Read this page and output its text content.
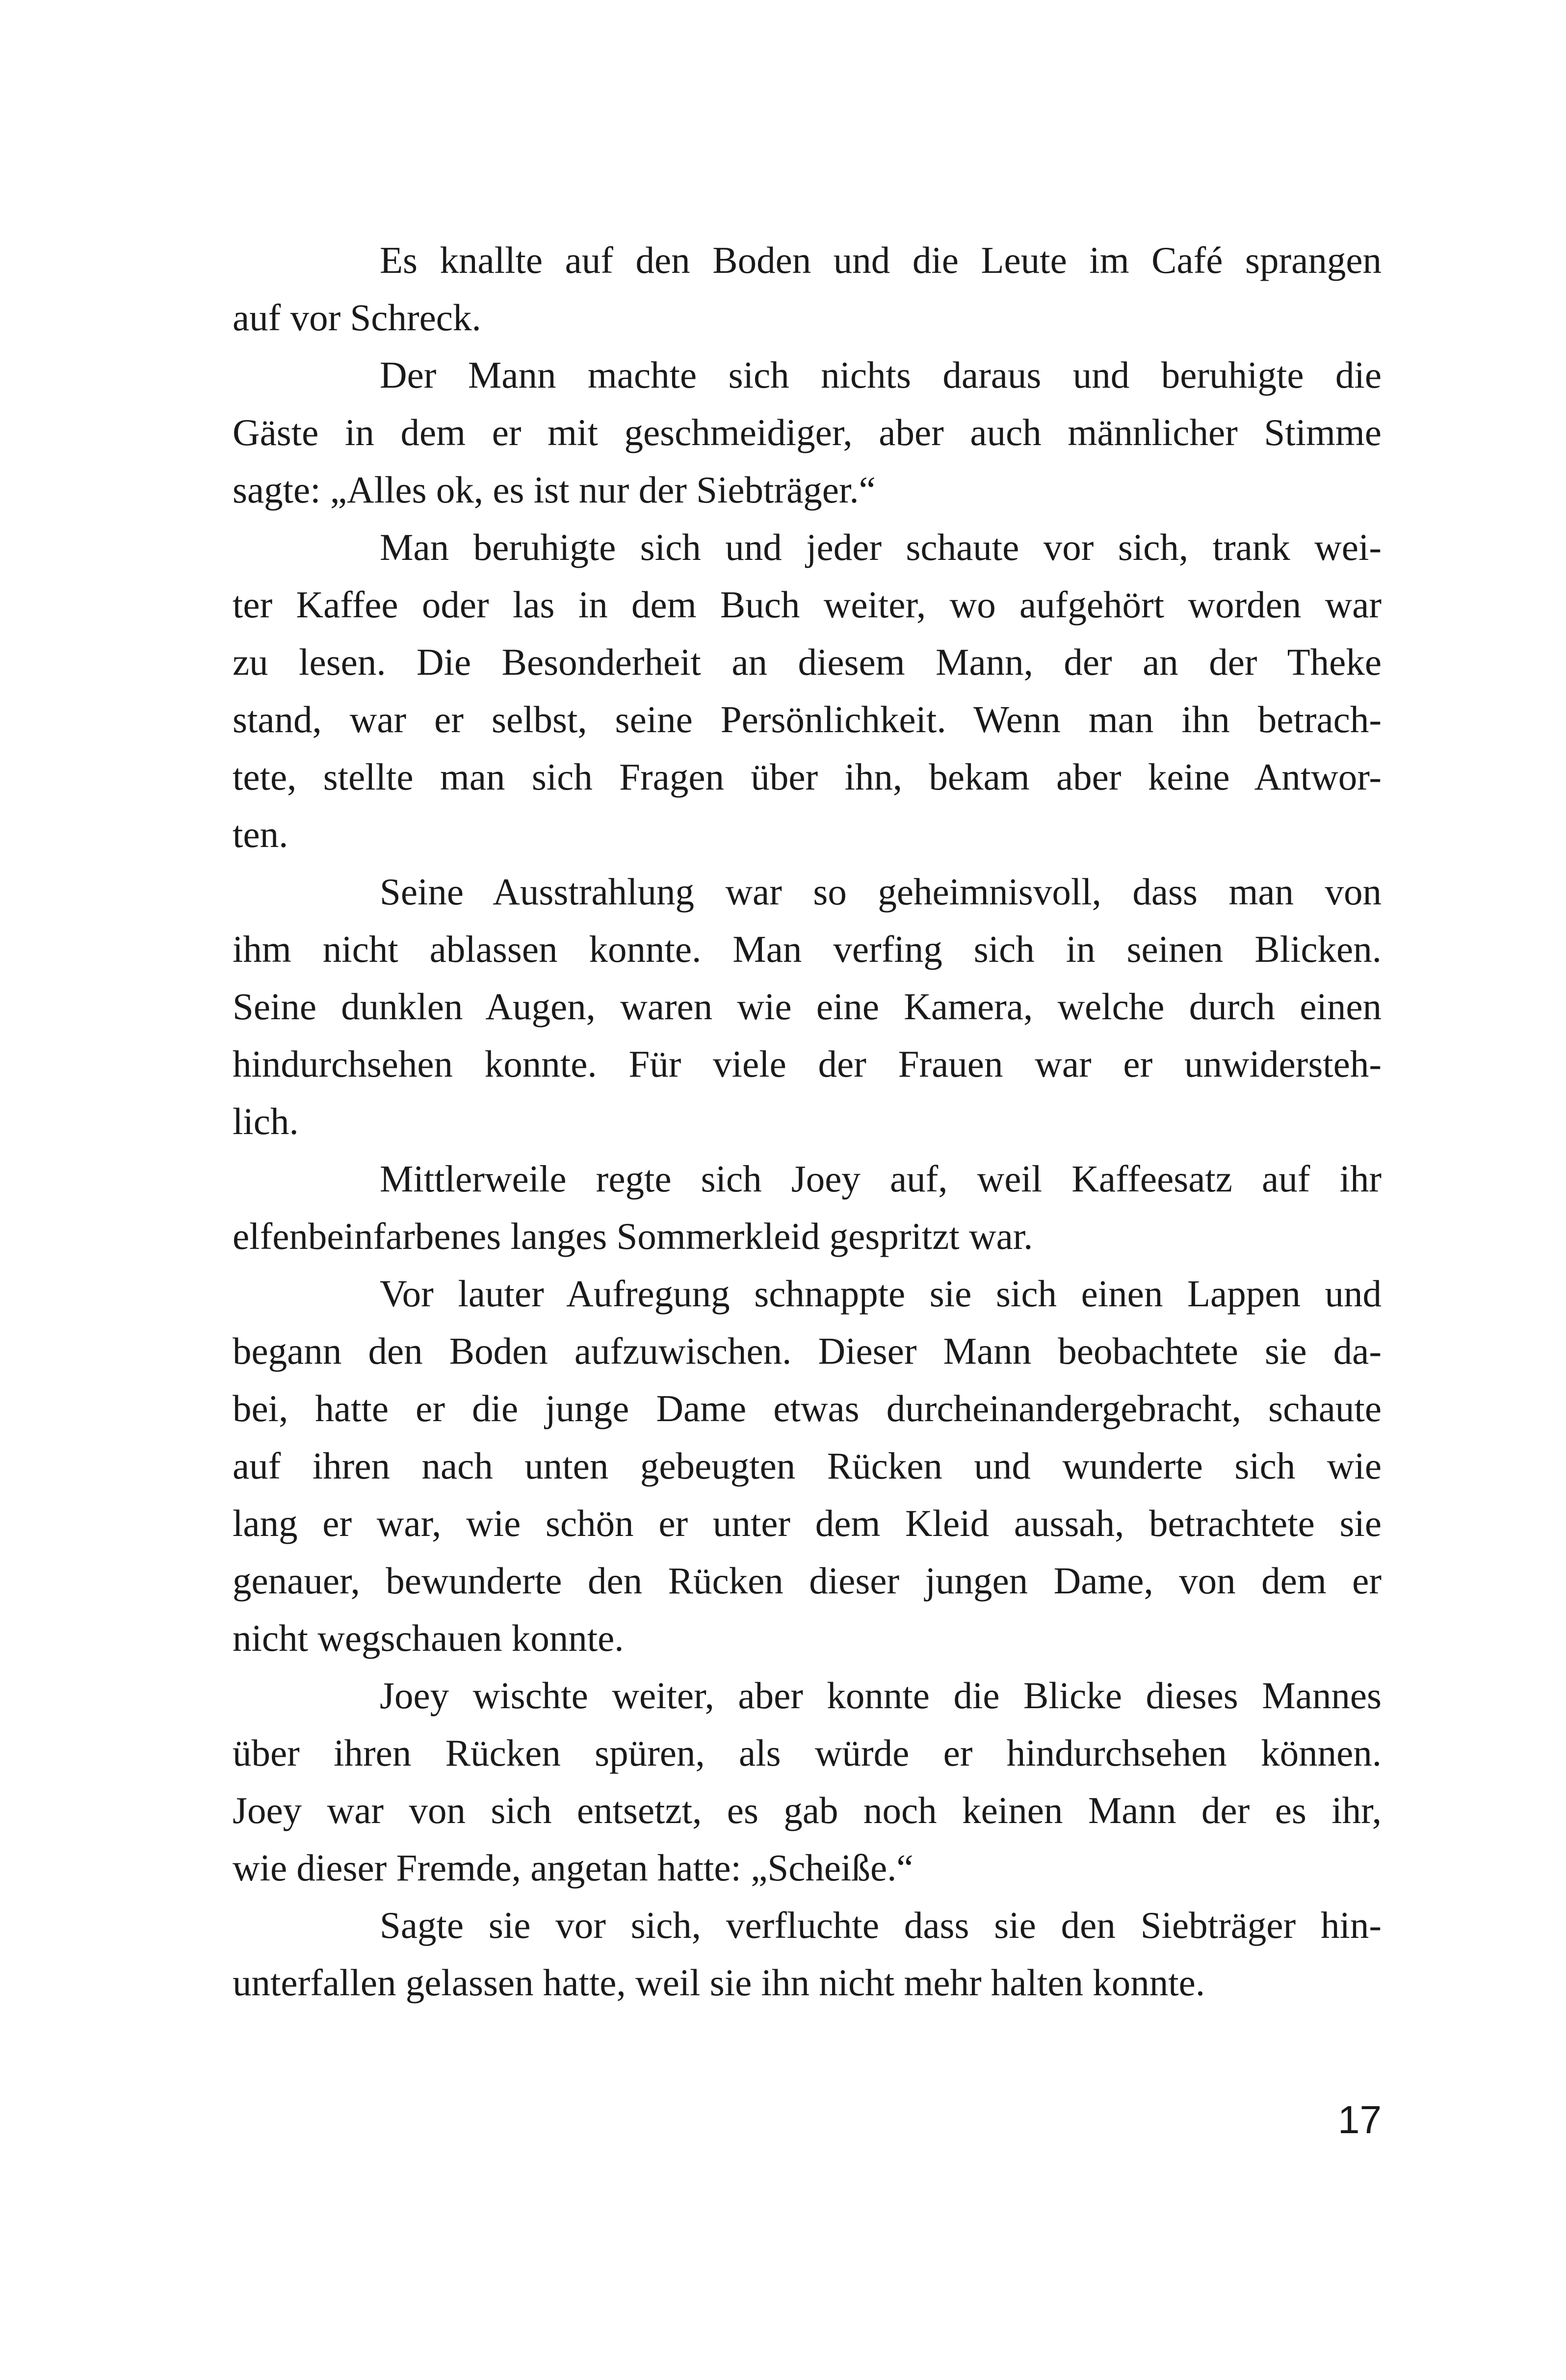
Es knallte auf den Boden und die Leute im Café sprangen
auf vor Schreck.
Der Mann machte sich nichts daraus und beruhigte die
Gäste in dem er mit geschmeidiger, aber auch männlicher Stimme
sagte: „Alles ok, es ist nur der Siebträger.“
Man beruhigte sich und jeder schaute vor sich, trank wei-
ter Kaffee oder las in dem Buch weiter, wo aufgehört worden war
zu lesen. Die Besonderheit an diesem Mann, der an der Theke
stand, war er selbst, seine Persönlichkeit. Wenn man ihn betrach-
tete, stellte man sich Fragen über ihn, bekam aber keine Antwor-
ten.
Seine Ausstrahlung war so geheimnisvoll, dass man von
ihm nicht ablassen konnte. Man verfing sich in seinen Blicken.
Seine dunklen Augen, waren wie eine Kamera, welche durch einen
hindurchsehen konnte. Für viele der Frauen war er unwidersteh-
lich.
Mittlerweile regte sich Joey auf, weil Kaffeesatz auf ihr
elfenbeinfarbenes langes Sommerkleid gespritzt war.
Vor lauter Aufregung schnappte sie sich einen Lappen und
begann den Boden aufzuwischen. Dieser Mann beobachtete sie da-
bei, hatte er die junge Dame etwas durcheinandergebracht, schaute
auf ihren nach unten gebeugten Rücken und wunderte sich wie
lang er war, wie schön er unter dem Kleid aussah, betrachtete sie
genauer, bewunderte den Rücken dieser jungen Dame, von dem er
nicht wegschauen konnte.
Joey wischte weiter, aber konnte die Blicke dieses Mannes
über ihren Rücken spüren, als würde er hindurchsehen können.
Joey war von sich entsetzt, es gab noch keinen Mann der es ihr,
wie dieser Fremde, angetan hatte: „Scheiße.“
Sagte sie vor sich, verfluchte dass sie den Siebträger hin-
unterfallen gelassen hatte, weil sie ihn nicht mehr halten konnte.
17
